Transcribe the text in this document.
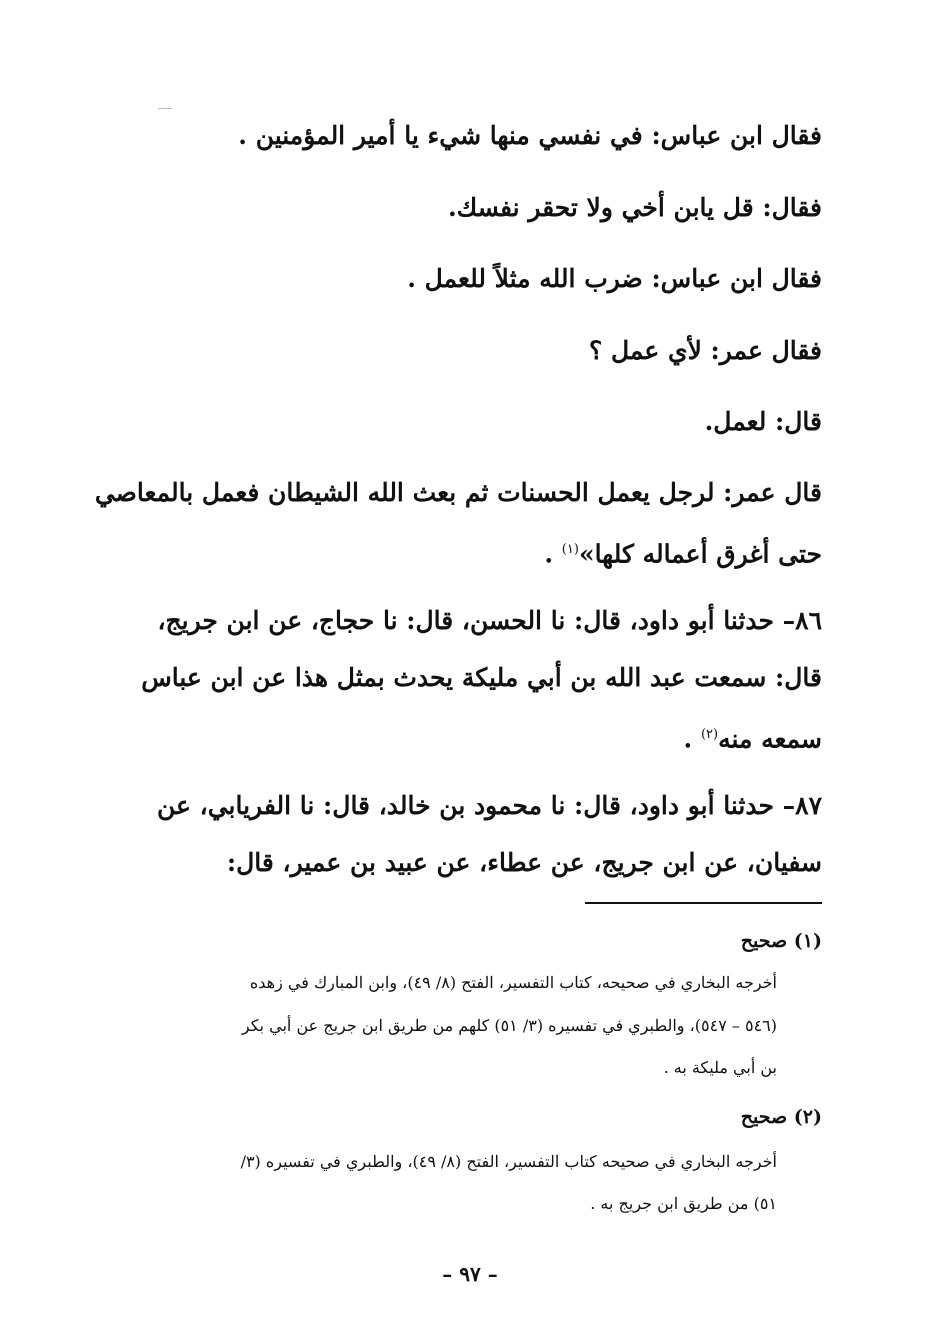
فقال ابن عباس: في نفسي منها شيء يا أمير المؤمنين .
فقال: قل يابن أخي ولا تحقر نفسك.
فقال ابن عباس: ضرب الله مثلاً للعمل .
فقال عمر: لأي عمل ؟
قال: لعمل.
قال عمر: لرجل يعمل الحسنات ثم بعث الله الشيطان فعمل بالمعاصي
حتى أغرق أعماله كلها»$^{(١)}$ .
٨٦– حدثنا أبو داود، قال: نا الحسن، قال: نا حجاج، عن ابن جريج،
قال: سمعت عبد الله بن أبي مليكة يحدث بمثل هذا عن ابن عباس
سمعه منه$^{(٢)}$ .
٨٧– حدثنا أبو داود، قال: نا محمود بن خالد، قال: نا الفريابي، عن
سفيان، عن ابن جريج، عن عطاء، عن عبيد بن عمير، قال:
(١) صحيح
أخرجه البخاري في صحيحه، كتاب التفسير، الفتح (٨/ ٤٩)، وابن المبارك في زهده
(٥٤٦ – ٥٤٧)، والطبري في تفسيره (٣/ ٥١) كلهم من طريق ابن جريج عن أبي بكر
بن أبي مليكة به .
(٢) صحيح
أخرجه البخاري في صحيحه كتاب التفسير، الفتح (٨/ ٤٩)، والطبري في تفسيره (٣/
٥١) من طريق ابن جريج به .
– ٩٧ –
